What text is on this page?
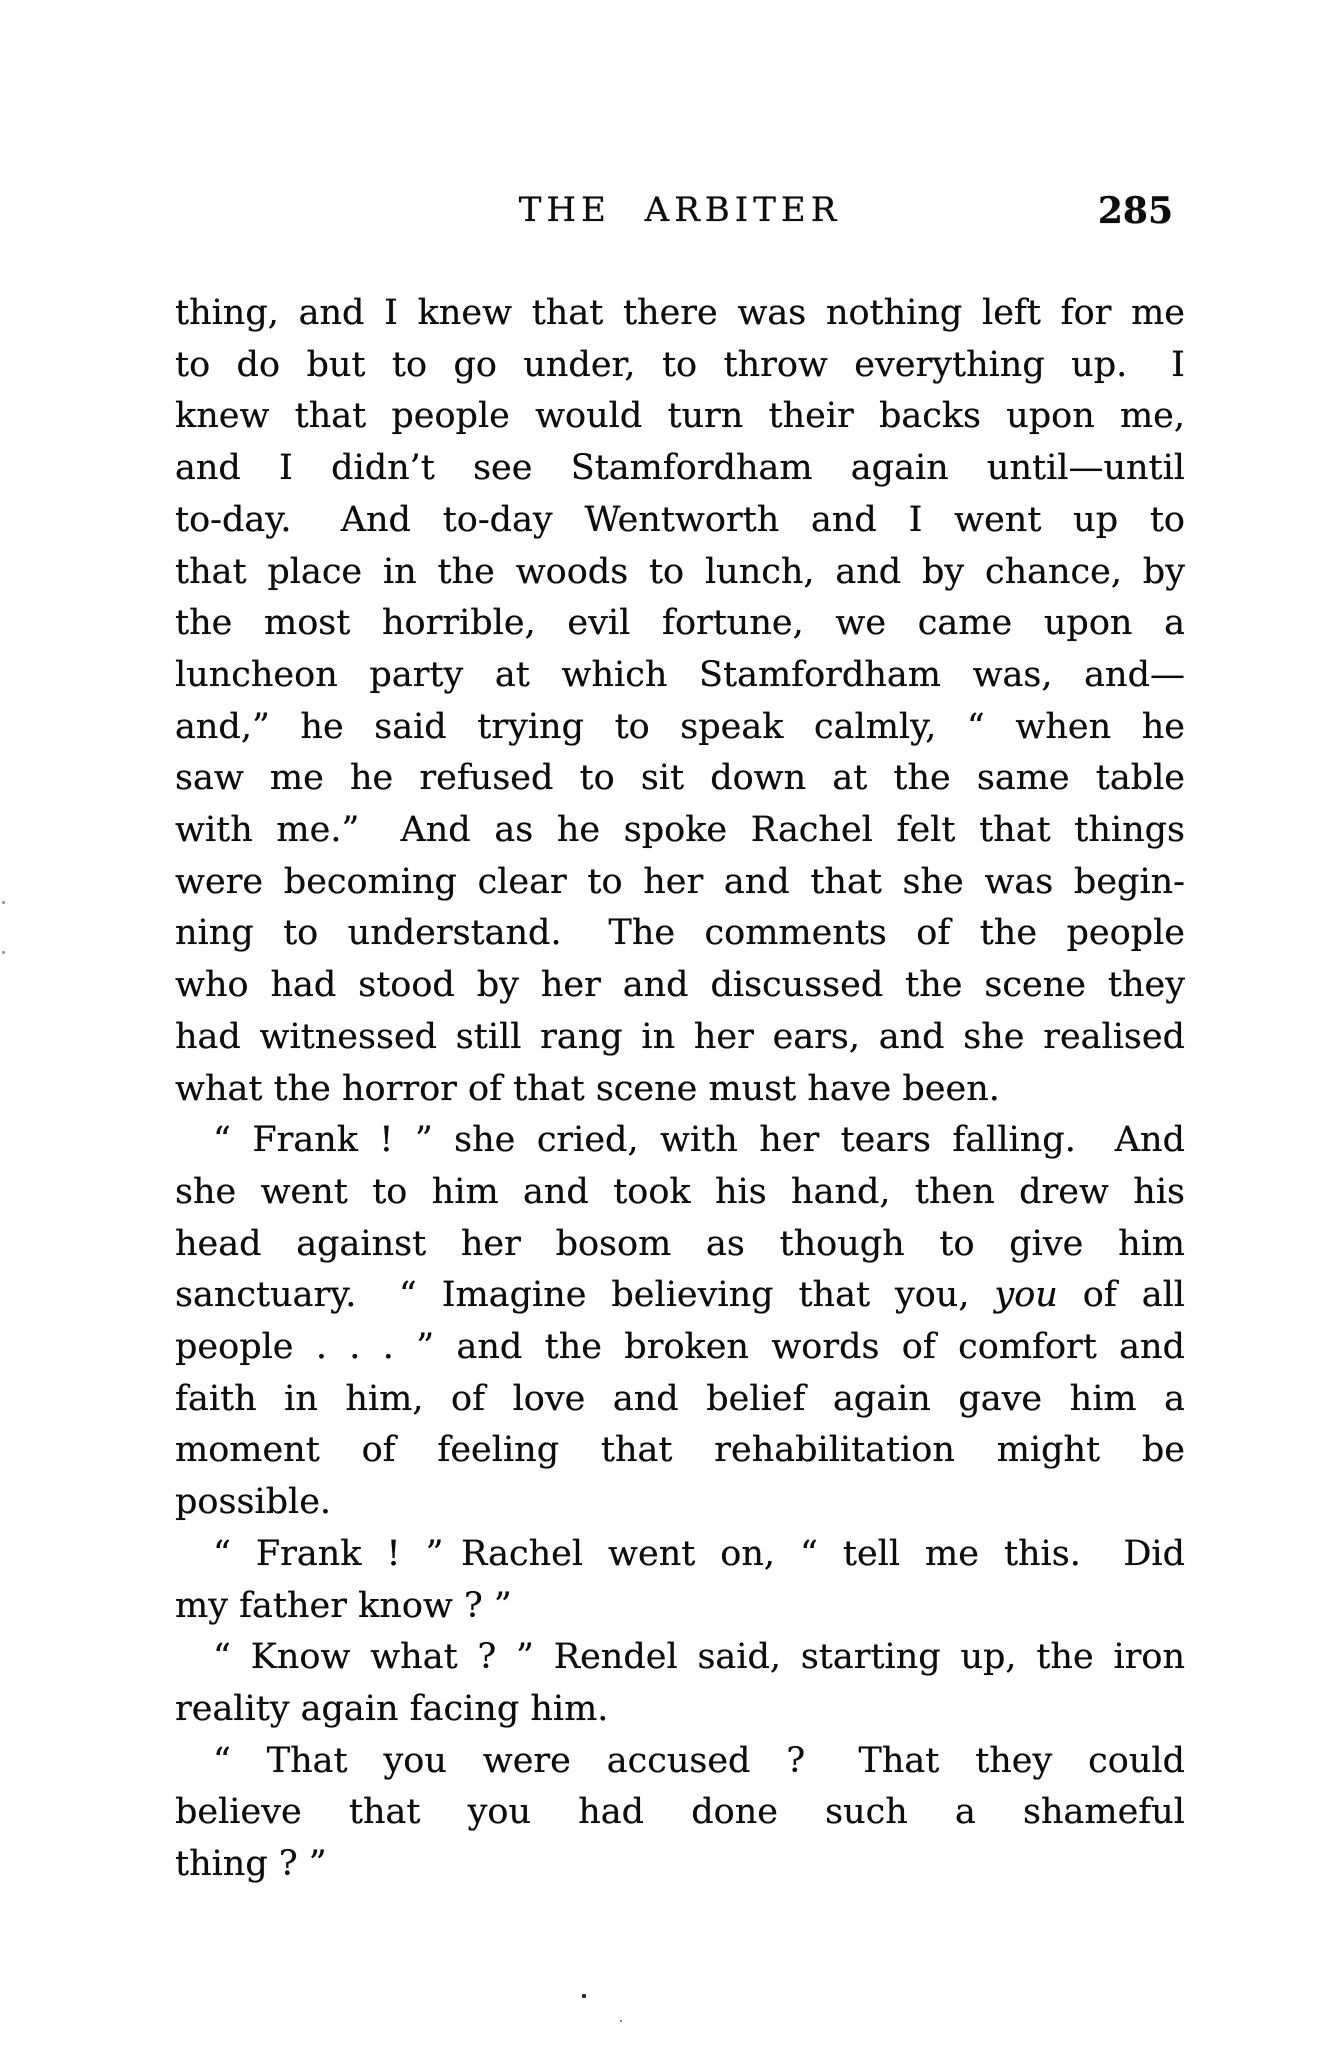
THE ARBITER	285
thing, and I knew that there was nothing left for me
to do but to go under, to throw everything up.  I
knew that people would turn their backs upon me,
and I didn’t see Stamfordham again until—until
to-day.  And to-day Wentworth and I went up to
that place in the woods to lunch, and by chance, by
the most horrible, evil fortune, we came upon a
luncheon party at which Stamfordham was, and—
and,” he said trying to speak calmly, “ when he
saw me he refused to sit down at the same table
with me.”  And as he spoke Rachel felt that things
were becoming clear to her and that she was begin-
ning to understand.  The comments of the people
who had stood by her and discussed the scene they
had witnessed still rang in her ears, and she realised
what the horror of that scene must have been.
“ Frank ! ” she cried, with her tears falling.  And
she went to him and took his hand, then drew his
head against her bosom as though to give him
sanctuary.  “ Imagine believing that you, you of all
people . . . ” and the broken words of comfort and
faith in him, of love and belief again gave him a
moment of feeling that rehabilitation might be
possible.
“ Frank ! ” Rachel went on, “ tell me this.  Did
my father know ? ”
“ Know what ? ” Rendel said, starting up, the iron
reality again facing him.
“ That you were accused ?  That they could
believe that you had done such a shameful
thing ? ”
